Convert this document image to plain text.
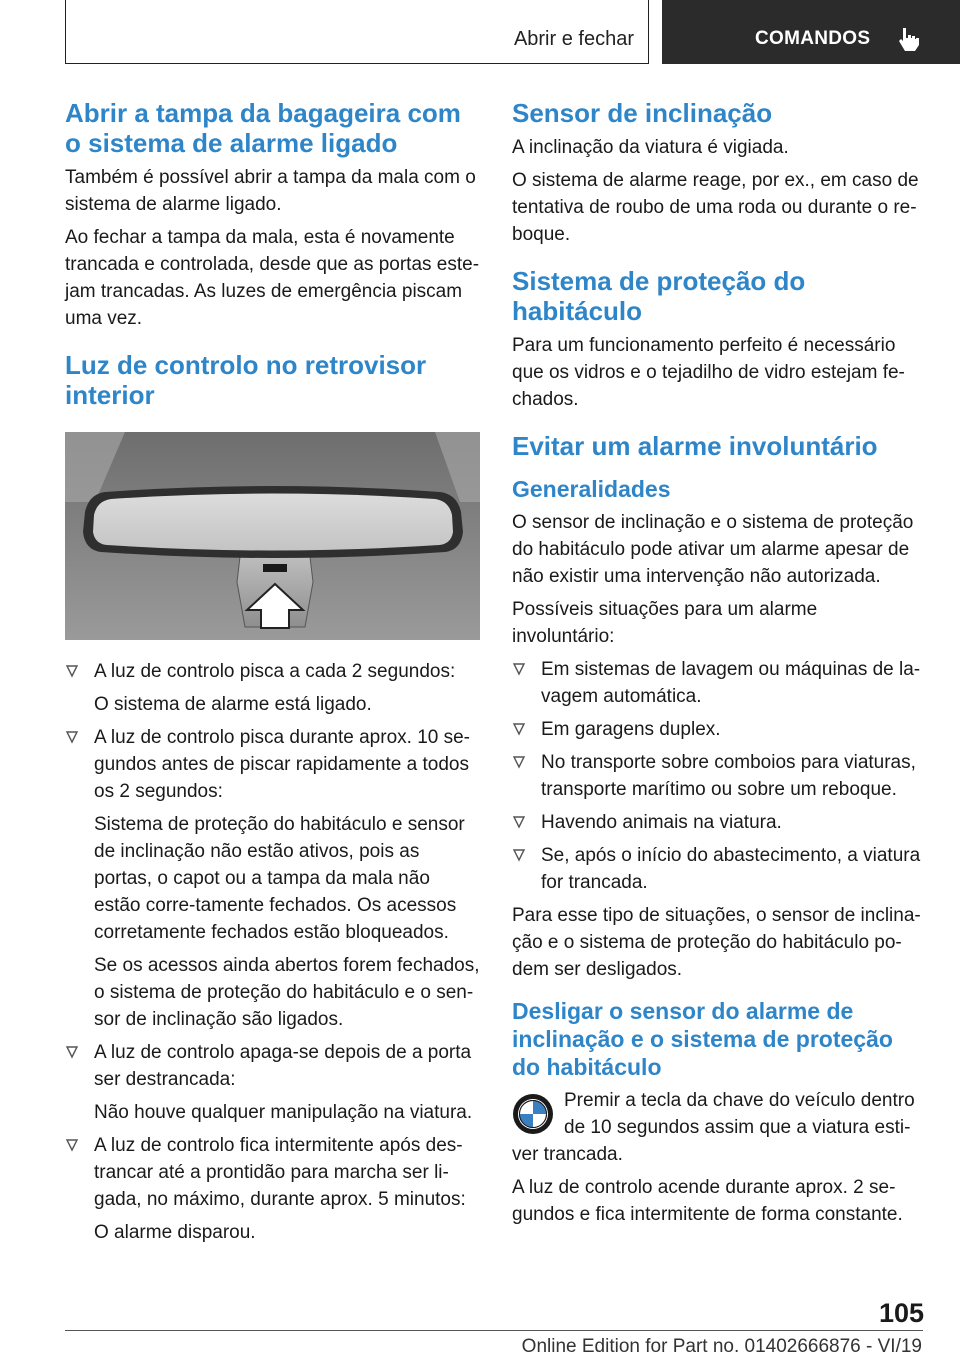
Abrir e fechar	COMANDOS
Abrir a tampa da bagageira com o sistema de alarme ligado

Também é possível abrir a tampa da mala com o sistema de alarme ligado.

Ao fechar a tampa da mala, esta é novamente trancada e controlada, desde que as portas este‐jam trancadas. As luzes de emergência piscam uma vez.

Luz de controlo no retrovisor interior

A luz de controlo pisca a cada 2 segundos:

O sistema de alarme está ligado.

A luz de controlo pisca durante aprox. 10 se‐gundos antes de piscar rapidamente a todos os 2 segundos:

Sistema de proteção do habitáculo e sensor de inclinação não estão ativos, pois as portas, o capot ou a tampa da mala não estão corre‐tamente fechados. Os acessos corretamente fechados estão bloqueados.

Se os acessos ainda abertos forem fechados, o sistema de proteção do habitáculo e o sen‐sor de inclinação são ligados.

A luz de controlo apaga-se depois de a porta ser destrancada:

Não houve qualquer manipulação na viatura.

A luz de controlo fica intermitente após des‐trancar até a prontidão para marcha ser li‐gada, no máximo, durante aprox. 5 minutos:

O alarme disparou.

Sensor de inclinação

A inclinação da viatura é vigiada.

O sistema de alarme reage, por ex., em caso de tentativa de roubo de uma roda ou durante o re‐boque.

Sistema de proteção do habitáculo

Para um funcionamento perfeito é necessário que os vidros e o tejadilho de vidro estejam fe‐chados.

Evitar um alarme involuntário
Generalidades

O sensor de inclinação e o sistema de proteção do habitáculo pode ativar um alarme apesar de não existir uma intervenção não autorizada.

Possíveis situações para um alarme involuntário:

Em sistemas de lavagem ou máquinas de la‐vagem automática.

Em garagens duplex.

No transporte sobre comboios para viaturas, transporte marítimo ou sobre um reboque.

Havendo animais na viatura.

Se, após o início do abastecimento, a viatura for trancada.

Para esse tipo de situações, o sensor de inclina‐ção e o sistema de proteção do habitáculo po‐dem ser desligados.

Desligar o sensor do alarme de inclinação e o sistema de proteção do habitáculo

Premir a tecla da chave do veículo dentro de 10 segundos assim que a viatura esti‐ver trancada.

A luz de controlo acende durante aprox. 2 se‐gundos e fica intermitente de forma constante.

105
Online Edition for Part no. 01402666876 - VI/19
